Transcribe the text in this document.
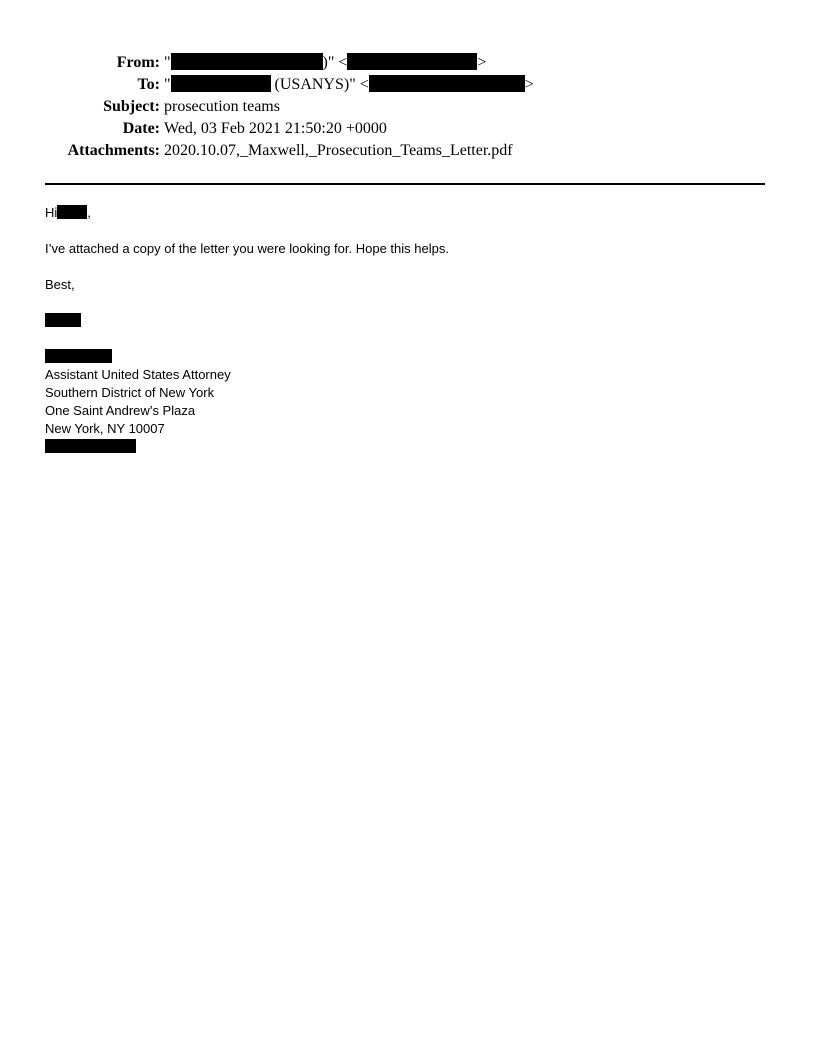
From: "	)" <	>
To: "	(USANYS)" <	>
Subject: prosecution teams
Date: Wed, 03 Feb 2021 21:50:20 +0000
Attachments: 2020.10.07,_Maxwell,_Prosecution_Teams_Letter.pdf
Hi ,
I’ve attached a copy of the letter you were looking for. Hope this helps.
Best,
Assistant United States Attorney
Southern District of New York
One Saint Andrew’s Plaza
New York, NY 10007
